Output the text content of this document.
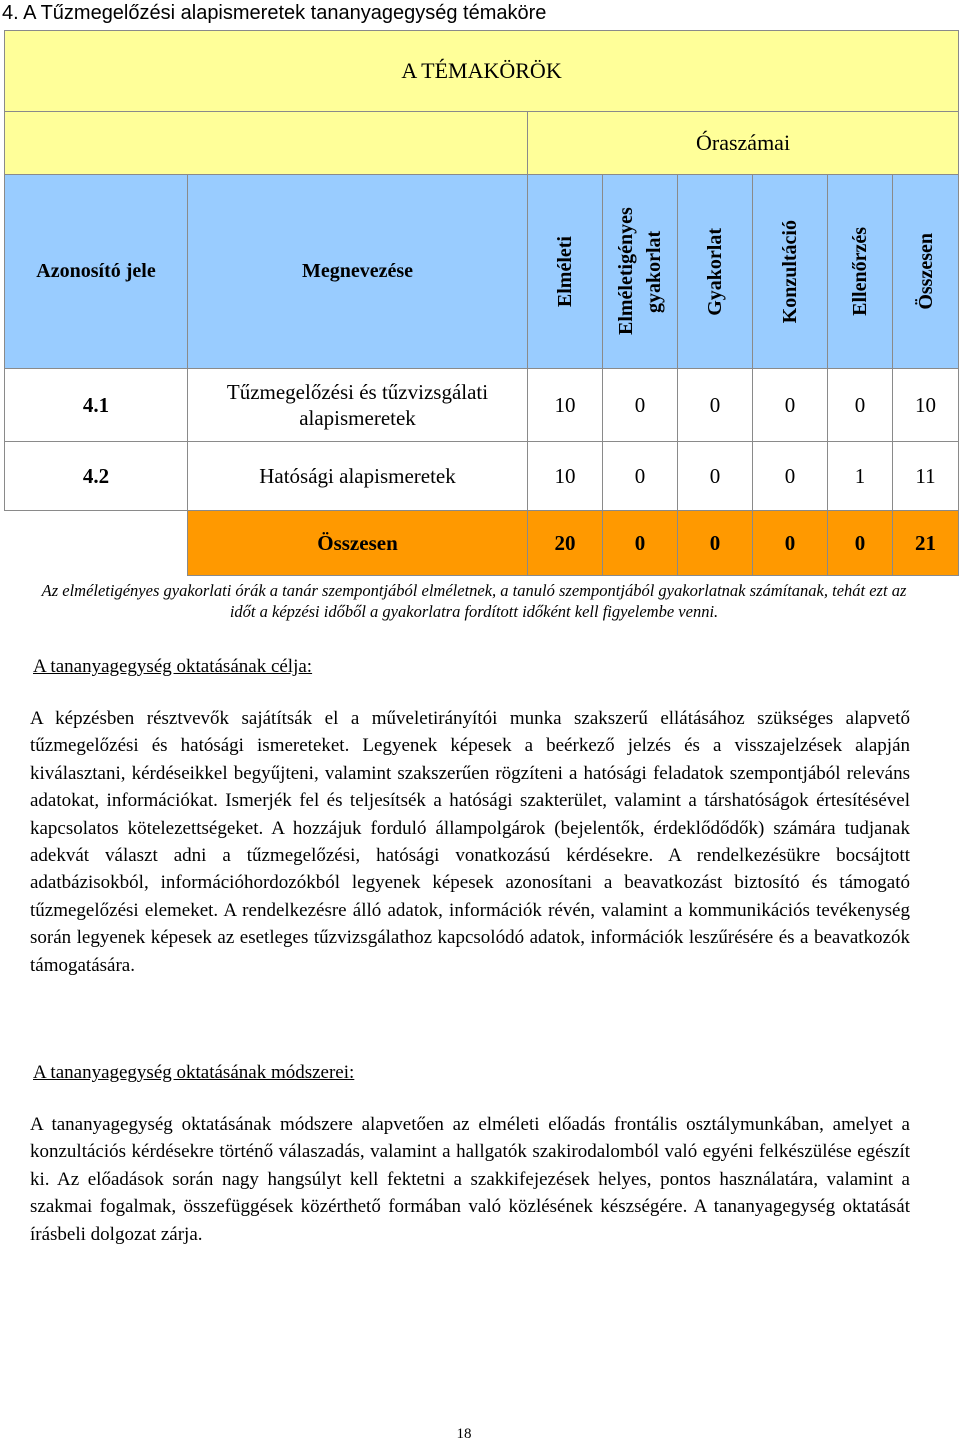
4. A Tűzmegelőzési alapismeretek tananyagegység témaköre
A TÉMAKÖRÖK							
		Óraszámai					
Azonosító jele	Megnevezése	Elméleti	Elméletigényes gyakorlat	Gyakorlat	Konzultáció	Ellenőrzés	Összesen

4.1	Tűzmegelőzési és tűzvizsgálati alapismeretek	10	0	0	0	0	10
4.2	Hatósági alapismeretek	10	0	0	0	1	11
	Összesen	20	0	0	0	0	21

Az elméletigényes gyakorlati órák a tanár szempontjából elméletnek, a tanuló szempontjából gyakorlatnak számítanak, tehát ezt az időt a képzési időből a gyakorlatra fordított időként kell figyelembe venni.

A tananyagegység oktatásának célja:

A képzésben résztvevők sajátítsák el a műveletirányítói munka szakszerű ellátásához szükséges alapvető tűzmegelőzési és hatósági ismereteket. Legyenek képesek a beérkező jelzés és a visszajelzések alapján kiválasztani, kérdéseikkel begyűjteni, valamint szakszerűen rögzíteni a hatósági feladatok szempontjából releváns adatokat, információkat. Ismerjék fel és teljesítsék a hatósági szakterület, valamint a társhatóságok értesítésével kapcsolatos kötelezettségeket. A hozzájuk forduló állampolgárok (bejelentők, érdeklődődők) számára tudjanak adekvát választ adni a tűzmegelőzési, hatósági vonatkozású kérdésekre. A rendelkezésükre bocsájtott adatbázisokból, információhordozókból legyenek képesek azonosítani a beavatkozást biztosító és támogató tűzmegelőzési elemeket. A rendelkezésre álló adatok, információk révén, valamint a kommunikációs tevékenység során legyenek képesek az esetleges tűzvizsgálathoz kapcsolódó adatok, információk leszűrésére és a beavatkozók támogatására.

A tananyagegység oktatásának módszerei:

A tananyagegység oktatásának módszere alapvetően az elméleti előadás frontális osztálymunkában, amelyet a konzultációs kérdésekre történő válaszadás, valamint a hallgatók szakirodalomból való egyéni felkészülése egészít ki. Az előadások során nagy hangsúlyt kell fektetni a szakkifejezések helyes, pontos használatára, valamint a szakmai fogalmak, összefüggések közérthető formában való közlésének készségére. A tananyagegység oktatását írásbeli dolgozat zárja.

18
